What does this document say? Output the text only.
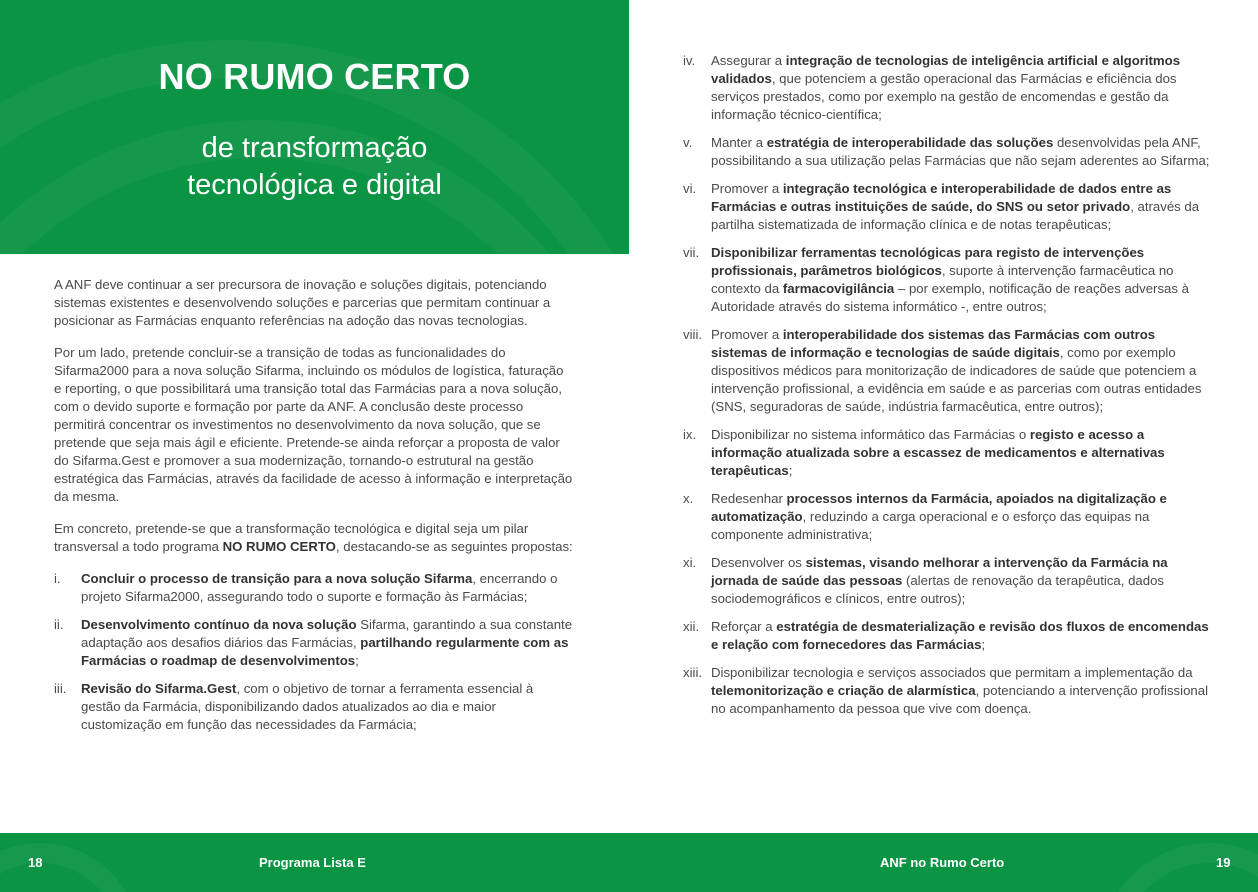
NO RUMO CERTO
de transformação
tecnológica e digital

A ANF deve continuar a ser precursora de inovação e soluções digitais, potenciando sistemas existentes e desenvolvendo soluções e parcerias que permitam continuar a posicionar as Farmácias enquanto referências na adoção das novas tecnologias.

Por um lado, pretende concluir-se a transição de todas as funcionalidades do Sifarma2000 para a nova solução Sifarma, incluindo os módulos de logística, faturação e reporting, o que possibilitará uma transição total das Farmácias para a nova solução, com o devido suporte e formação por parte da ANF. A conclusão deste processo permitirá concentrar os investimentos no desenvolvimento da nova solução, que se pretende que seja mais ágil e eficiente. Pretende-se ainda reforçar a proposta de valor do Sifarma.Gest e promover a sua modernização, tornando-o estrutural na gestão estratégica das Farmácias, através da facilidade de acesso à informação e interpretação da mesma.

Em concreto, pretende-se que a transformação tecnológica e digital seja um pilar transversal a todo programa NO RUMO CERTO, destacando-se as seguintes propostas:

i.	Concluir o processo de transição para a nova solução Sifarma, encerrando o projeto Sifarma2000, assegurando todo o suporte e formação às Farmácias;
ii.	Desenvolvimento contínuo da nova solução Sifarma, garantindo a sua constante adaptação aos desafios diários das Farmácias, partilhando regularmente com as Farmácias o roadmap de desenvolvimentos;
iii.	Revisão do Sifarma.Gest, com o objetivo de tornar a ferramenta essencial à gestão da Farmácia, disponibilizando dados atualizados ao dia e maior customização em função das necessidades da Farmácia;
iv.	Assegurar a integração de tecnologias de inteligência artificial e algoritmos validados, que potenciem a gestão operacional das Farmácias e eficiência dos serviços prestados, como por exemplo na gestão de encomendas e gestão da informação técnico-científica;
v.	Manter a estratégia de interoperabilidade das soluções desenvolvidas pela ANF, possibilitando a sua utilização pelas Farmácias que não sejam aderentes ao Sifarma;
vi.	Promover a integração tecnológica e interoperabilidade de dados entre as Farmácias e outras instituições de saúde, do SNS ou setor privado, através da partilha sistematizada de informação clínica e de notas terapêuticas;
vii. Disponibilizar ferramentas tecnológicas para registo de intervenções profissionais, parâmetros biológicos, suporte à intervenção farmacêutica no contexto da farmacovigilância – por exemplo, notificação de reações adversas à Autoridade através do sistema informático -, entre outros;
viii. Promover a interoperabilidade dos sistemas das Farmácias com outros sistemas de informação e tecnologias de saúde digitais, como por exemplo dispositivos médicos para monitorização de indicadores de saúde que potenciem a intervenção profissional, a evidência em saúde e as parcerias com outras entidades (SNS, seguradoras de saúde, indústria farmacêutica, entre outros);
ix.	Disponibilizar no sistema informático das Farmácias o registo e acesso a informação atualizada sobre a escassez de medicamentos e alternativas terapêuticas;
x.	Redesenhar processos internos da Farmácia, apoiados na digitalização e automatização, reduzindo a carga operacional e o esforço das equipas na componente administrativa;
xi.	Desenvolver os sistemas, visando melhorar a intervenção da Farmácia na jornada de saúde das pessoas (alertas de renovação da terapêutica, dados sociodemográficos e clínicos, entre outros);
xii. Reforçar a estratégia de desmaterialização e revisão dos fluxos de encomendas e relação com fornecedores das Farmácias;
xiii. Disponibilizar tecnologia e serviços associados que permitam a implementação da telemonitorização e criação de alarmística, potenciando a intervenção profissional no acompanhamento da pessoa que vive com doença.
18	Programa Lista E	ANF no Rumo Certo	19
